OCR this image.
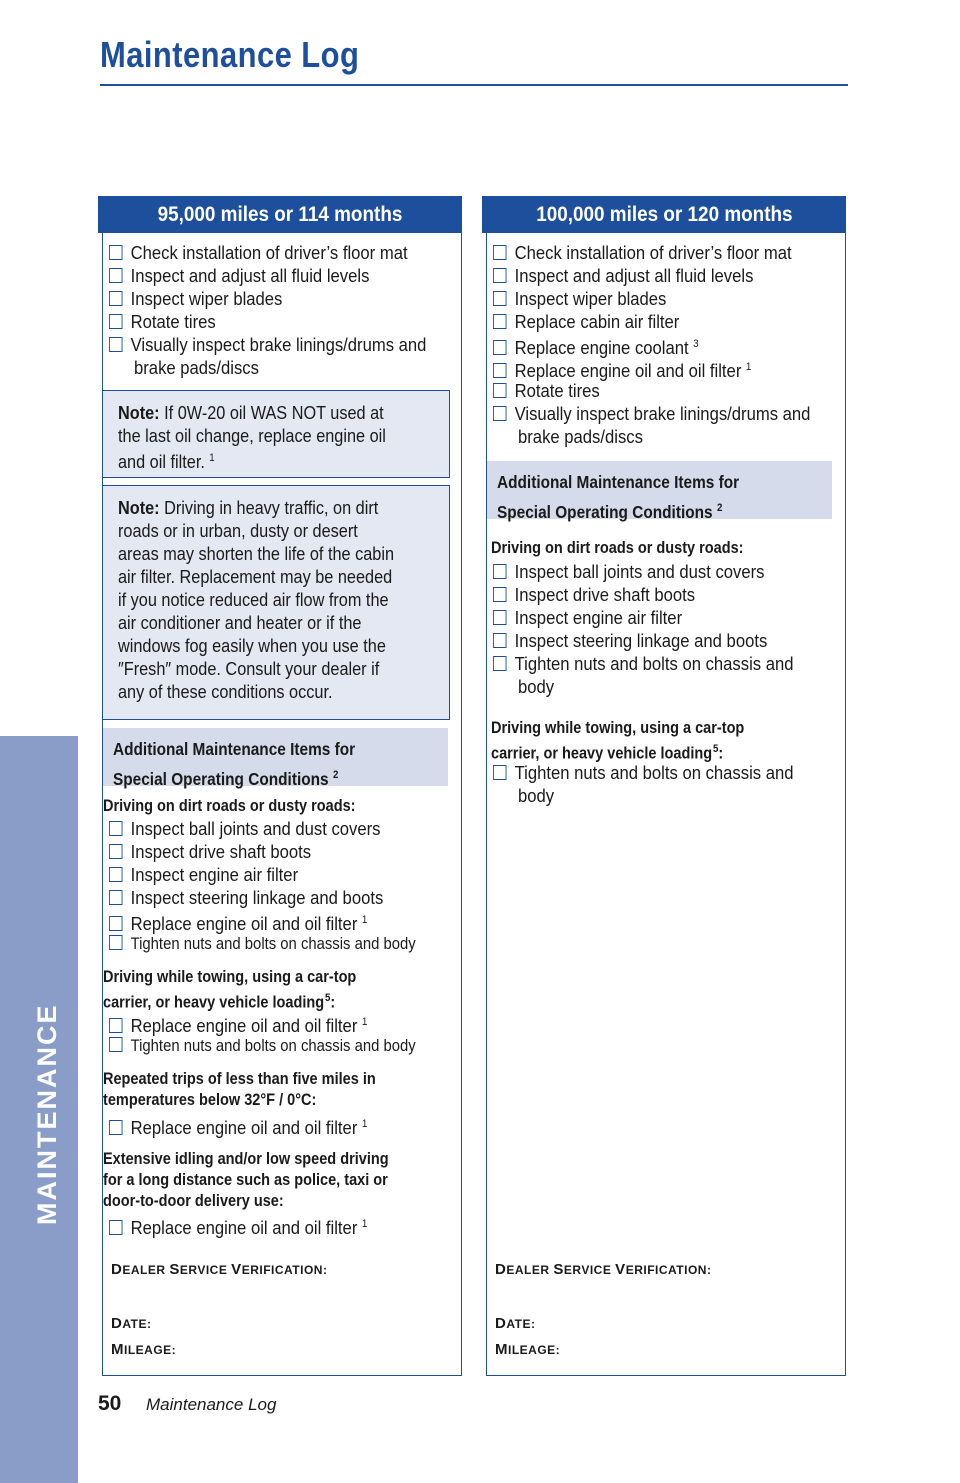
Maintenance Log
MAINTENANCE
95,000 miles or 114 months
Check installation of driver’s floor mat
Inspect and adjust all fluid levels
Inspect wiper blades
Rotate tires
Visually inspect brake linings/drums and
brake pads/discs
Note: If 0W-20 oil WAS NOT used at
the last oil change, replace engine oil
and oil filter. $^1$
Note: Driving in heavy traffic, on dirt
roads or in urban, dusty or desert
areas may shorten the life of the cabin
air filter. Replacement may be needed
if you notice reduced air flow from the
air conditioner and heater or if the
windows fog easily when you use the
″Fresh″ mode. Consult your dealer if
any of these conditions occur.
Additional Maintenance Items for
Special Operating Conditions $^2$
Driving on dirt roads or dusty roads:
Inspect ball joints and dust covers
Inspect drive shaft boots
Inspect engine air filter
Inspect steering linkage and boots
Replace engine oil and oil filter $^1$
Tighten nuts and bolts on chassis and body
Driving while towing, using a car-top
carrier, or heavy vehicle loading$^5$:
Replace engine oil and oil filter $^1$
Tighten nuts and bolts on chassis and body
Repeated trips of less than five miles in
temperatures below 32°F / 0°C:
Replace engine oil and oil filter $^1$
Extensive idling and/or low speed driving
for a long distance such as police, taxi or
door-to-door delivery use:
Replace engine oil and oil filter $^1$
DEALER SERVICE VERIFICATION:
DATE:
MILEAGE:
100,000 miles or 120 months
Check installation of driver’s floor mat
Inspect and adjust all fluid levels
Inspect wiper blades
Replace cabin air filter
Replace engine coolant $^3$
Replace engine oil and oil filter $^1$
Rotate tires
Visually inspect brake linings/drums and
brake pads/discs
Additional Maintenance Items for
Special Operating Conditions $^2$
Driving on dirt roads or dusty roads:
Inspect ball joints and dust covers
Inspect drive shaft boots
Inspect engine air filter
Inspect steering linkage and boots
Tighten nuts and bolts on chassis and
body
Driving while towing, using a car-top
carrier, or heavy vehicle loading$^5$:
Tighten nuts and bolts on chassis and
body
DEALER SERVICE VERIFICATION:
DATE:
MILEAGE:
50 Maintenance Log
